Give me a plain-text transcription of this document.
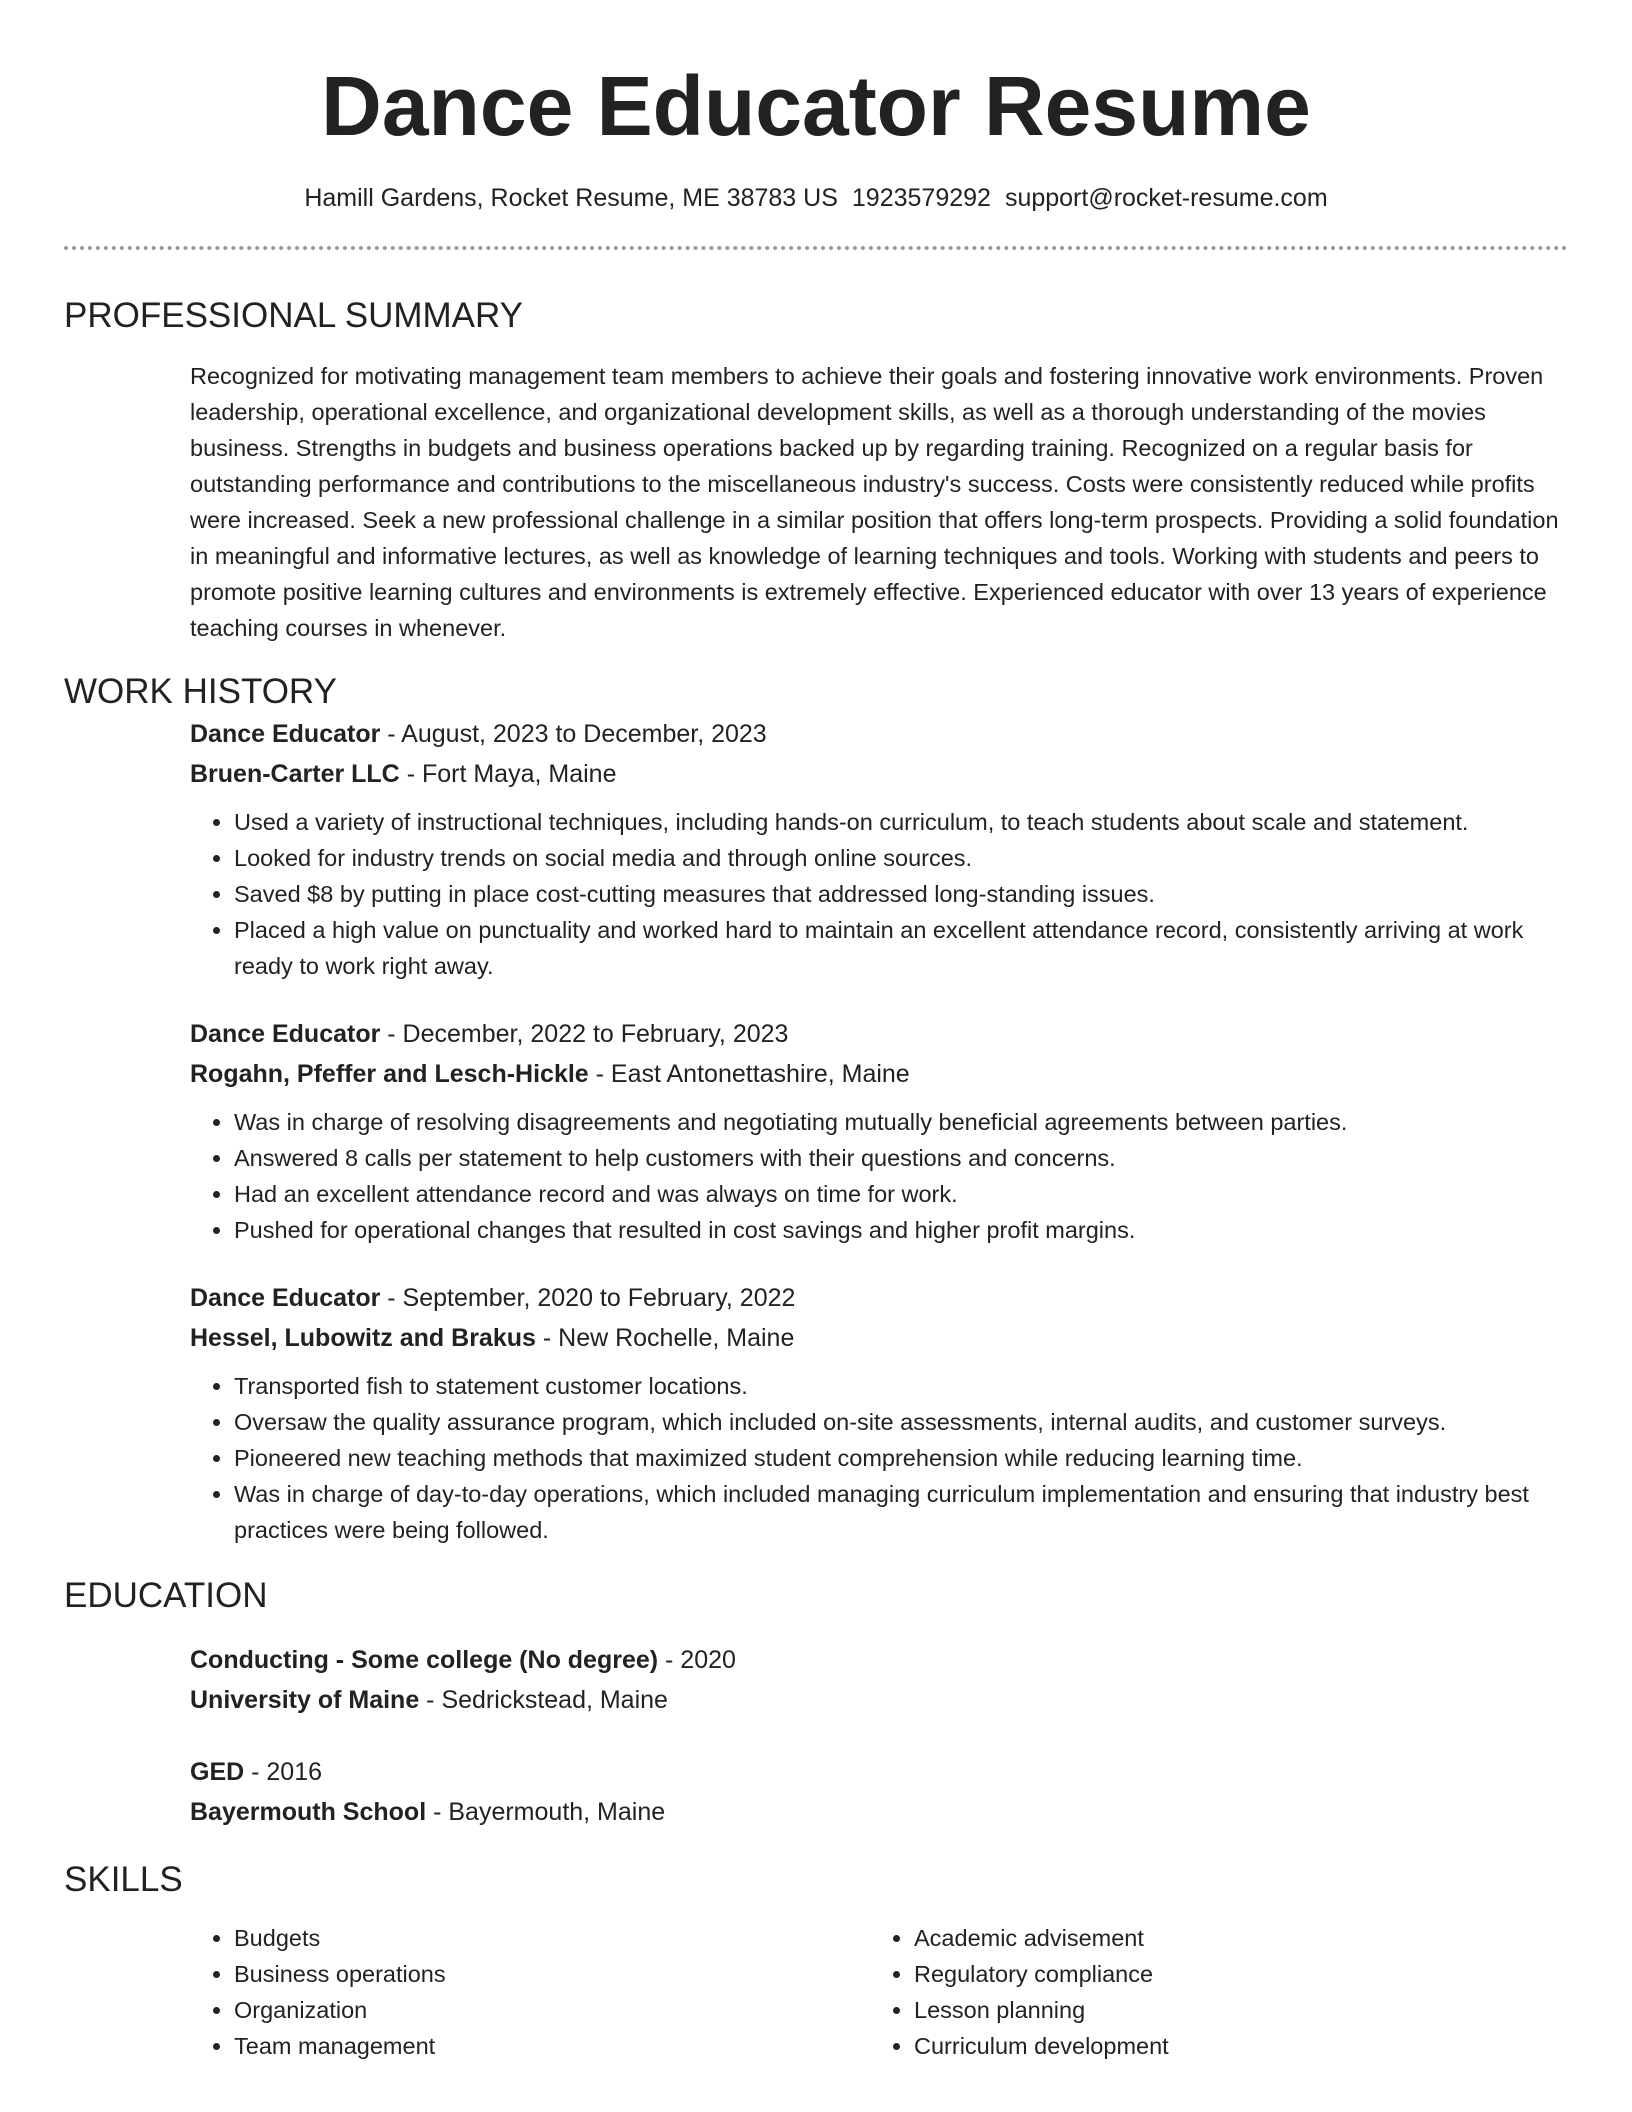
Dance Educator Resume
Hamill Gardens, Rocket Resume, ME 38783 US 1923579292 support@rocket-resume.com
PROFESSIONAL SUMMARY

Recognized for motivating management team members to achieve their goals and fostering innovative work environments. Proven leadership, operational excellence, and organizational development skills, as well as a thorough understanding of the movies business. Strengths in budgets and business operations backed up by regarding training. Recognized on a regular basis for outstanding performance and contributions to the miscellaneous industry's success. Costs were consistently reduced while profits were increased. Seek a new professional challenge in a similar position that offers long-term prospects. Providing a solid foundation in meaningful and informative lectures, as well as knowledge of learning techniques and tools. Working with students and peers to promote positive learning cultures and environments is extremely effective. Experienced educator with over 13 years of experience teaching courses in whenever.

WORK HISTORY
Dance Educator - August, 2023 to December, 2023
Bruen-Carter LLC - Fort Maya, Maine
• Used a variety of instructional techniques, including hands-on curriculum, to teach students about scale and statement.
• Looked for industry trends on social media and through online sources.
• Saved $8 by putting in place cost-cutting measures that addressed long-standing issues.
• Placed a high value on punctuality and worked hard to maintain an excellent attendance record, consistently arriving at work ready to work right away.
Dance Educator - December, 2022 to February, 2023
Rogahn, Pfeffer and Lesch-Hickle - East Antonettashire, Maine
• Was in charge of resolving disagreements and negotiating mutually beneficial agreements between parties.
• Answered 8 calls per statement to help customers with their questions and concerns.
• Had an excellent attendance record and was always on time for work.
• Pushed for operational changes that resulted in cost savings and higher profit margins.
Dance Educator - September, 2020 to February, 2022
Hessel, Lubowitz and Brakus - New Rochelle, Maine
• Transported fish to statement customer locations.
• Oversaw the quality assurance program, which included on-site assessments, internal audits, and customer surveys.
• Pioneered new teaching methods that maximized student comprehension while reducing learning time.
• Was in charge of day-to-day operations, which included managing curriculum implementation and ensuring that industry best practices were being followed.
EDUCATION
Conducting - Some college (No degree) - 2020
University of Maine - Sedrickstead, Maine
GED - 2016
Bayermouth School - Bayermouth, Maine
SKILLS
• Budgets
• Business operations
• Organization
• Team management
• Academic advisement
• Regulatory compliance
• Lesson planning
• Curriculum development
